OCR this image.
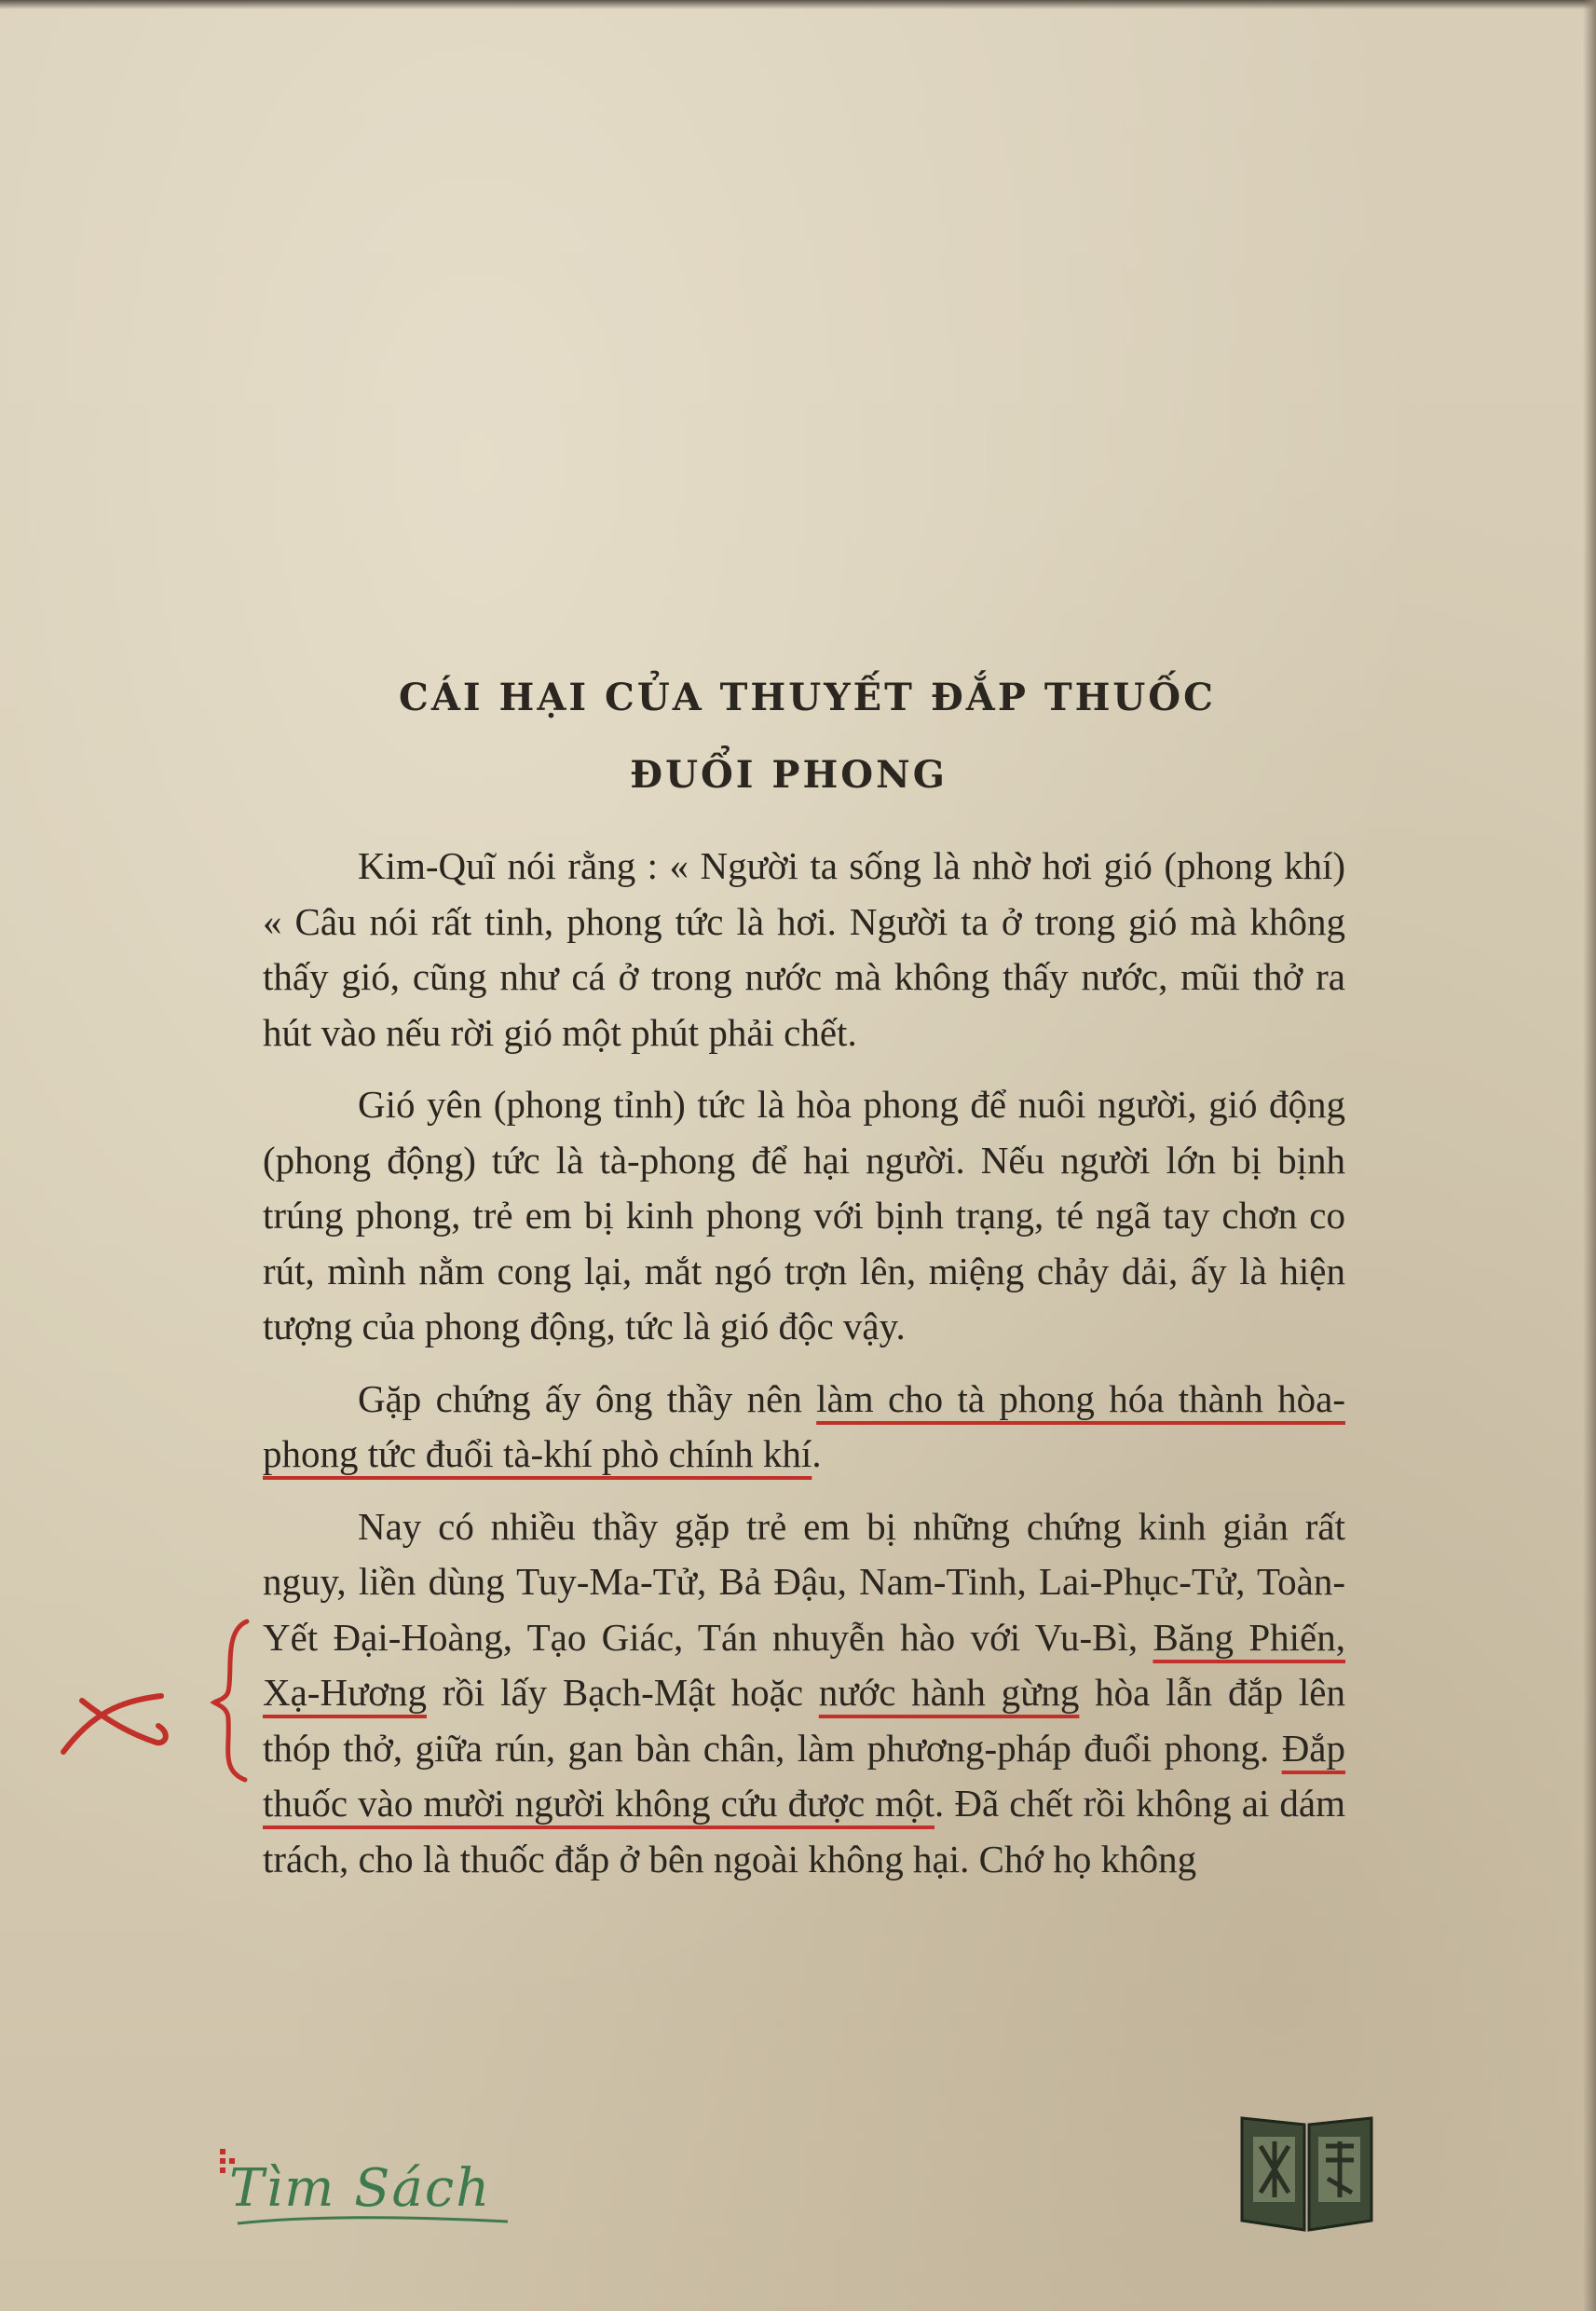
CÁI HẠI CỦA THUYẾT ĐẮP THUỐC
ĐUỔI PHONG

Kim-Quĩ nói rằng : « Người ta sống là nhờ hơi gió (phong khí) « Câu nói rất tinh, phong tức là hơi. Người ta ở trong gió mà không thấy gió, cũng như cá ở trong nước mà không thấy nước, mũi thở ra hút vào nếu rời gió một phút phải chết.

Gió yên (phong tỉnh) tức là hòa phong để nuôi người, gió động (phong động) tức là tà-phong để hại người. Nếu người lớn bị bịnh trúng phong, trẻ em bị kinh phong với bịnh trạng, té ngã tay chơn co rút, mình nằm cong lại, mắt ngó trợn lên, miệng chảy dải, ấy là hiện tượng của phong động, tức là gió độc vậy.

Gặp chứng ấy ông thầy nên làm cho tà phong hóa thành hòa-phong tức đuổi tà-khí phò chính khí.

Nay có nhiều thầy gặp trẻ em bị những chứng kinh giản rất nguy, liền dùng Tuy-Ma-Tử, Bả Đậu, Nam-Tinh, Lai-Phục-Tử, Toàn-Yết Đại-Hoàng, Tạo Giác, Tán nhuyễn hào với Vu-Bì, Băng Phiến, Xạ-Hương rồi lấy Bạch-Mật hoặc nước hành gừng hòa lẫn đắp lên thóp thở, giữa rún, gan bàn chân, làm phương-pháp đuổi phong. Đắp thuốc vào mười người không cứu được một. Đã chết rồi không ai dám trách, cho là thuốc đắp ở bên ngoài không hại. Chớ họ không

Tìm Sách
